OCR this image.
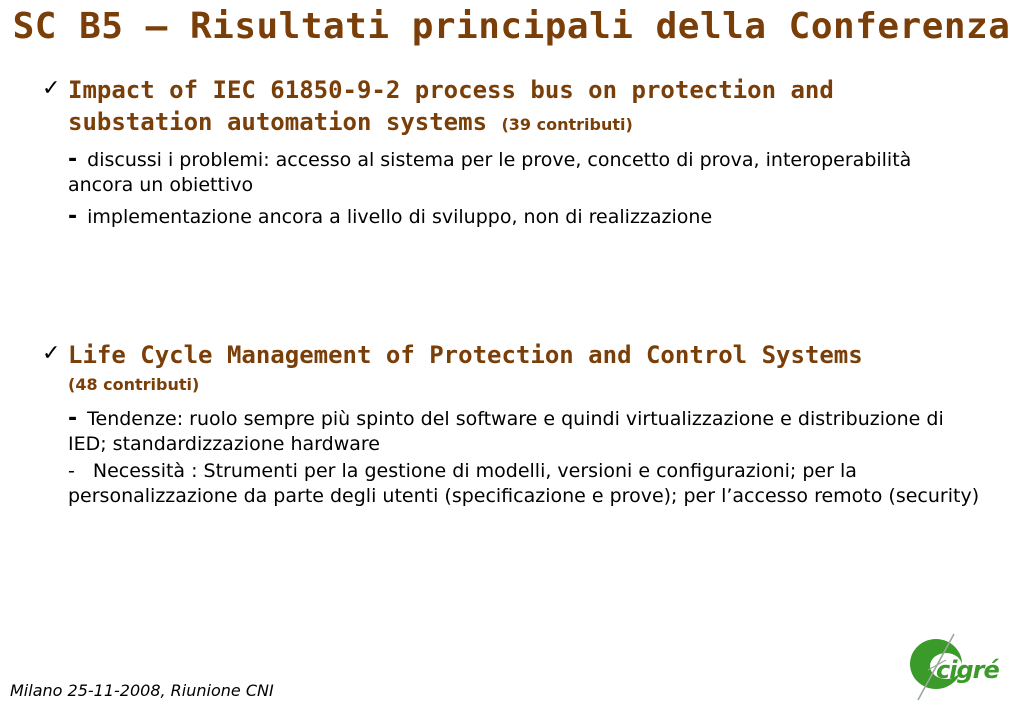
SC B5 – Risultati principali della Conferenza
✓ Impact of IEC 61850-9-2 process bus on protection and substation automation systems (39 contributi)
- discussi i problemi: accesso al sistema per le prove, concetto di prova, interoperabilità ancora un obiettivo
- implementazione ancora a livello di sviluppo, non di realizzazione
✓ Life Cycle Management of Protection and Control Systems
(48 contributi)
- Tendenze: ruolo sempre più spinto del software e quindi virtualizzazione e distribuzione di IED; standardizzazione hardware
- Necessità : Strumenti per la gestione di modelli, versioni e configurazioni; per la personalizzazione da parte degli utenti (specificazione e prove); per l’accesso remoto (security)
Milano 25-11-2008, Riunione CNI
cigré
